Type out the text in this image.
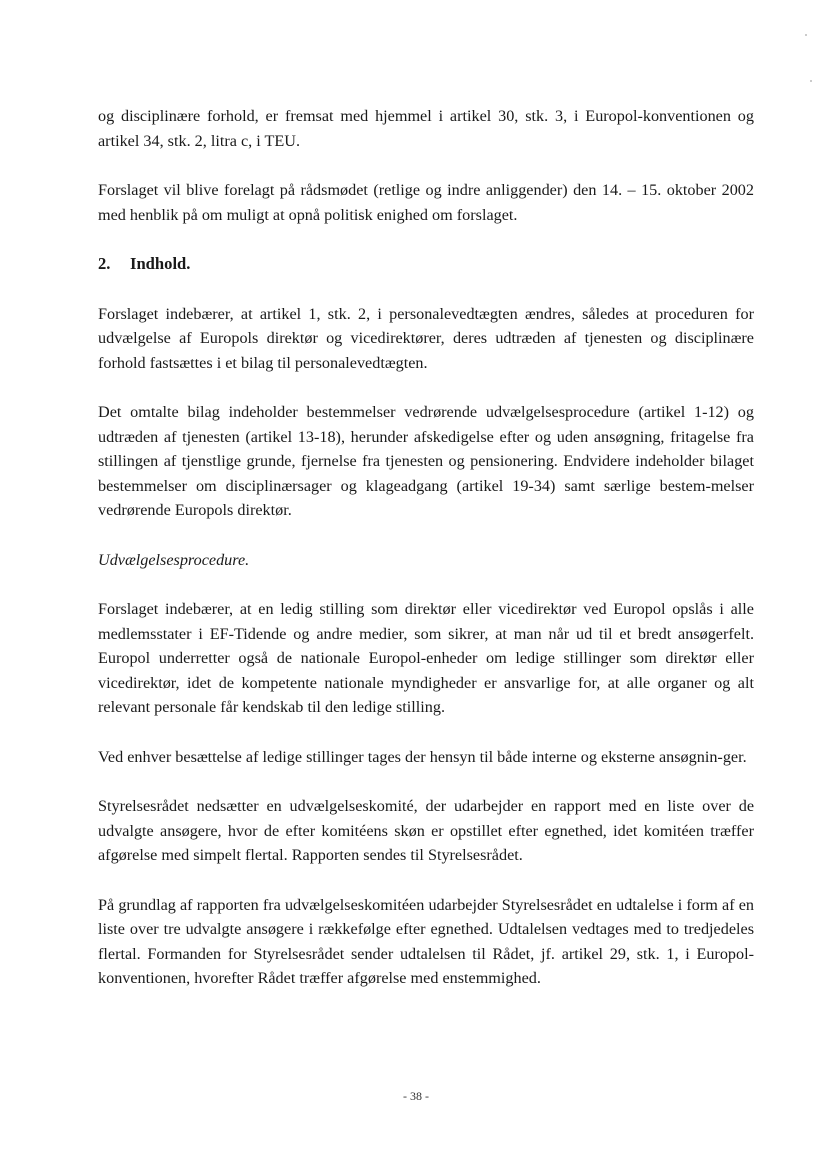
og disciplinære forhold, er fremsat med hjemmel i artikel 30, stk. 3, i Europol-konventionen og artikel 34, stk. 2, litra c, i TEU.

Forslaget vil blive forelagt på rådsmødet (retlige og indre anliggender) den 14. – 15. oktober 2002 med henblik på om muligt at opnå politisk enighed om forslaget.

2. Indhold.

Forslaget indebærer, at artikel 1, stk. 2, i personalevedtægten ændres, således at proceduren for udvælgelse af Europols direktør og vicedirektører, deres udtræden af tjenesten og disciplinære forhold fastsættes i et bilag til personalevedtægten.

Det omtalte bilag indeholder bestemmelser vedrørende udvælgelsesprocedure (artikel 1-12) og udtræden af tjenesten (artikel 13-18), herunder afskedigelse efter og uden ansøgning, fritagelse fra stillingen af tjenstlige grunde, fjernelse fra tjenesten og pensionering. Endvidere indeholder bilaget bestemmelser om disciplinærsager og klageadgang (artikel 19-34) samt særlige bestem-melser vedrørende Europols direktør.

Udvælgelsesprocedure.

Forslaget indebærer, at en ledig stilling som direktør eller vicedirektør ved Europol opslås i alle medlemsstater i EF-Tidende og andre medier, som sikrer, at man når ud til et bredt ansøgerfelt. Europol underretter også de nationale Europol-enheder om ledige stillinger som direktør eller vicedirektør, idet de kompetente nationale myndigheder er ansvarlige for, at alle organer og alt relevant personale får kendskab til den ledige stilling.

Ved enhver besættelse af ledige stillinger tages der hensyn til både interne og eksterne ansøgnin-ger.

Styrelsesrådet nedsætter en udvælgelseskomité, der udarbejder en rapport med en liste over de udvalgte ansøgere, hvor de efter komitéens skøn er opstillet efter egnethed, idet komitéen træffer afgørelse med simpelt flertal. Rapporten sendes til Styrelsesrådet.

På grundlag af rapporten fra udvælgelseskomitéen udarbejder Styrelsesrådet en udtalelse i form af en liste over tre udvalgte ansøgere i rækkefølge efter egnethed. Udtalelsen vedtages med to tredjedeles flertal. Formanden for Styrelsesrådet sender udtalelsen til Rådet, jf. artikel 29, stk. 1, i Europol-konventionen, hvorefter Rådet træffer afgørelse med enstemmighed.

- 38 -
